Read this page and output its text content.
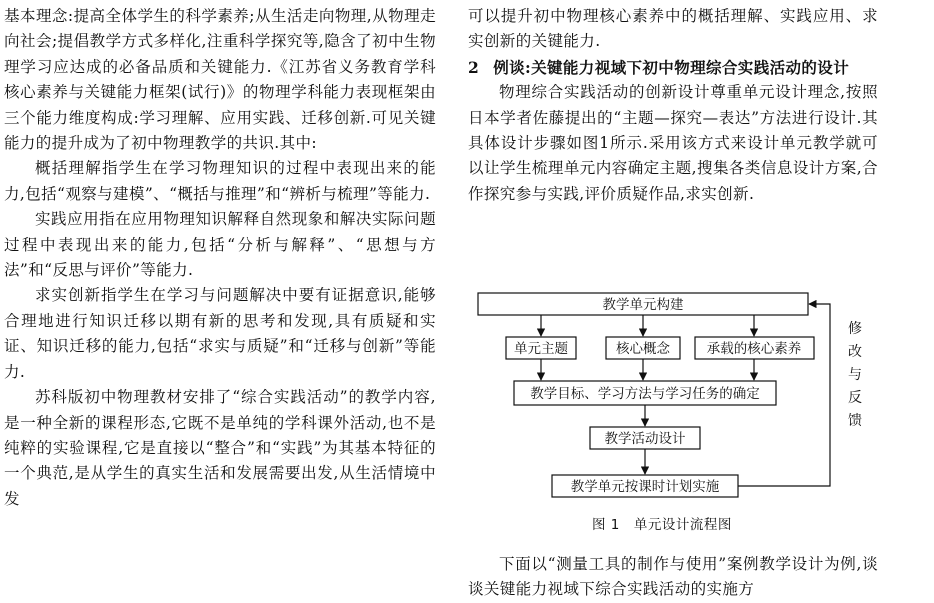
基本理念:提高全体学生的科学素养;从生活走向物理,从物理走向社会;提倡教学方式多样化,注重科学探究等,隐含了初中生物理学习应达成的必备品质和关键能力.《江苏省义务教育学科核心素养与关键能力框架(试行)》的物理学科能力表现框架由三个能力维度构成:学习理解、应用实践、迁移创新.可见关键能力的提升成为了初中物理教学的共识.其中:

概括理解指学生在学习物理知识的过程中表现出来的能力,包括“观察与建模”、“概括与推理”和“辨析与梳理”等能力.

实践应用指在应用物理知识解释自然现象和解决实际问题过程中表现出来的能力,包括“分析与解释”、“思想与方法”和“反思与评价”等能力.

求实创新指学生在学习与问题解决中要有证据意识,能够合理地进行知识迁移以期有新的思考和发现,具有质疑和实证、知识迁移的能力,包括“求实与质疑”和“迁移与创新”等能力.

苏科版初中物理教材安排了“综合实践活动”的教学内容,是一种全新的课程形态,它既不是单纯的学科课外活动,也不是纯粹的实验课程,它是直接以“整合”和“实践”为其基本特征的一个典范,是从学生的真实生活和发展需要出发,从生活情境中发

可以提升初中物理核心素养中的概括理解、实践应用、求实创新的关键能力.

2 例谈:关键能力视域下初中物理综合实践活动的设计

物理综合实践活动的创新设计尊重单元设计理念,按照日本学者佐藤提出的“主题—探究—表达”方法进行设计.其具体设计步骤如图1所示.采用该方式来设计单元教学就可以让学生梳理单元内容确定主题,搜集各类信息设计方案,合作探究参与实践,评价质疑作品,求实创新.

教学单元构建
单元主题	核心概念	承载的核心素养
教学目标、学习方法与学习任务的确定
教学活动设计
教学单元按课时计划实施
修
改
与
反
馈
图 1 单元设计流程图

下面以“测量工具的制作与使用”案例教学设计为例,谈谈关键能力视域下综合实践活动的实施方
